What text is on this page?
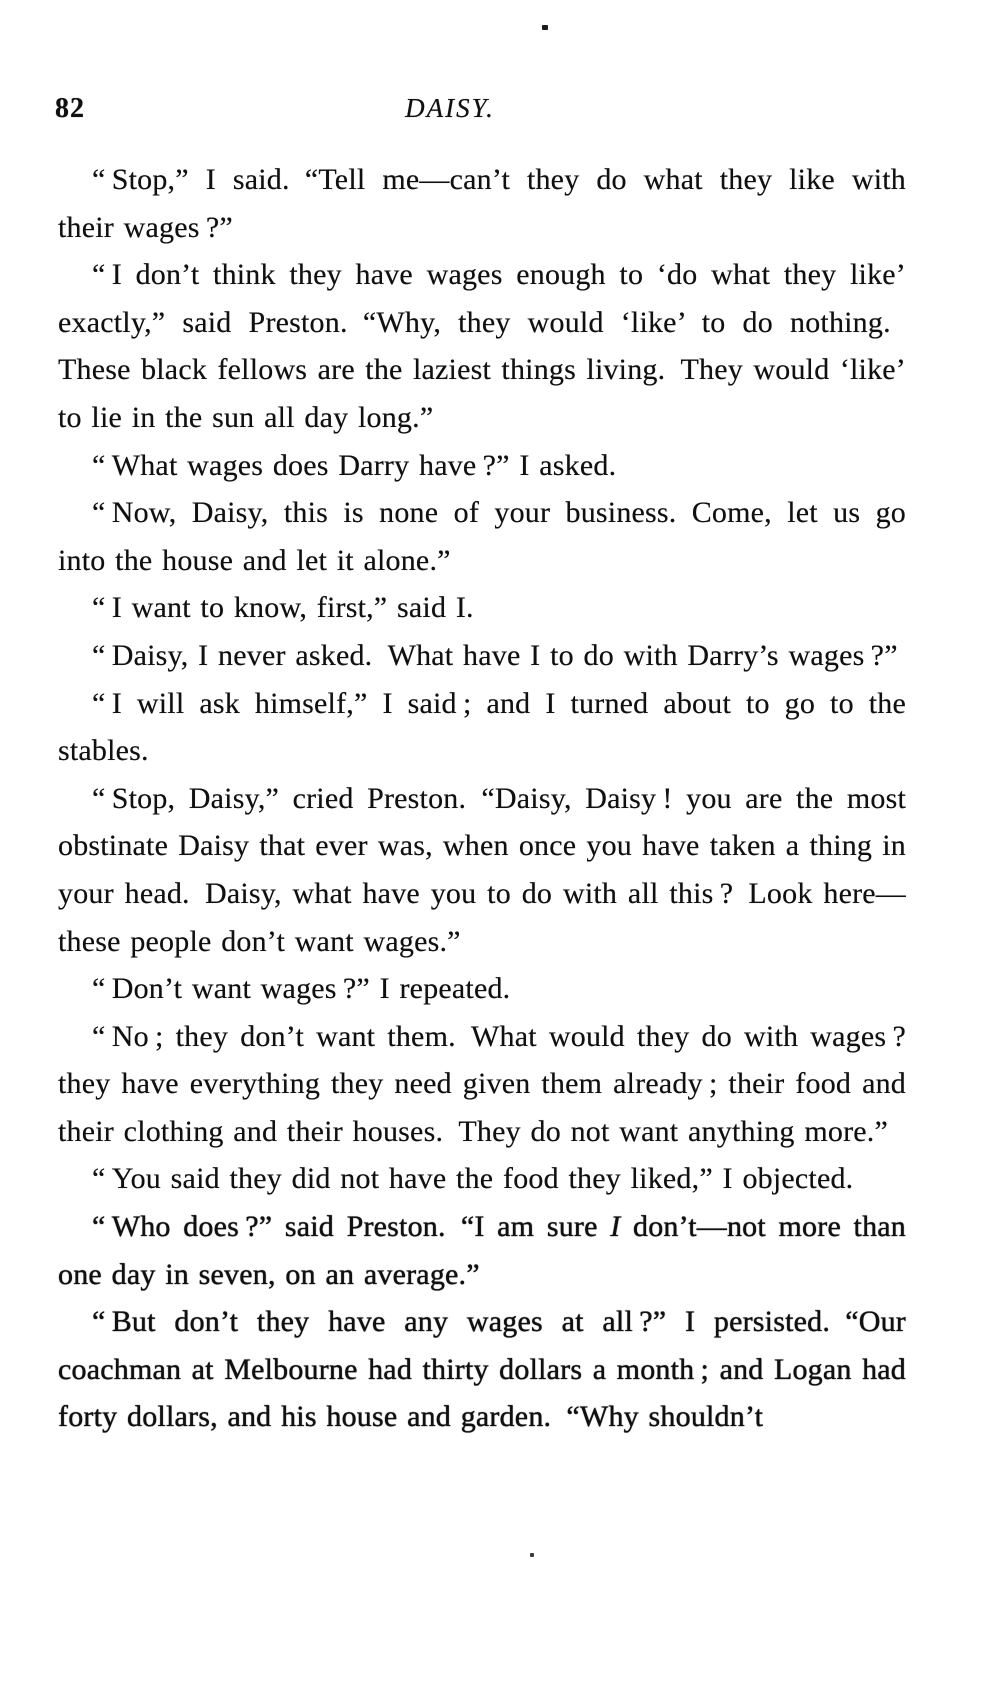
82	DAISY.

“ Stop,” I said. “Tell me—can’t they do what they like with their wages ?”

“ I don’t think they have wages enough to ‘do what they like’ exactly,” said Preston. “Why, they would ‘like’ to do nothing. These black fellows are the laziest things living. They would ‘like’ to lie in the sun all day long.”

“ What wages does Darry have ?” I asked.

“ Now, Daisy, this is none of your business. Come, let us go into the house and let it alone.”

“ I want to know, first,” said I.

“ Daisy, I never asked. What have I to do with Darry’s wages ?”

“ I will ask himself,” I said ; and I turned about to go to the stables.

“ Stop, Daisy,” cried Preston. “Daisy, Daisy ! you are the most obstinate Daisy that ever was, when once you have taken a thing in your head. Daisy, what have you to do with all this ? Look here—these people don’t want wages.”

“ Don’t want wages ?” I repeated.

“ No ; they don’t want them. What would they do with wages ? they have everything they need given them already ; their food and their clothing and their houses. They do not want anything more.”

“ You said they did not have the food they liked,” I objected.

“ Who does ?” said Preston. “I am sure I don’t—not more than one day in seven, on an average.”

“ But don’t they have any wages at all ?” I persisted. “Our coachman at Melbourne had thirty dollars a month ; and Logan had forty dollars, and his house and garden. “Why shouldn’t
